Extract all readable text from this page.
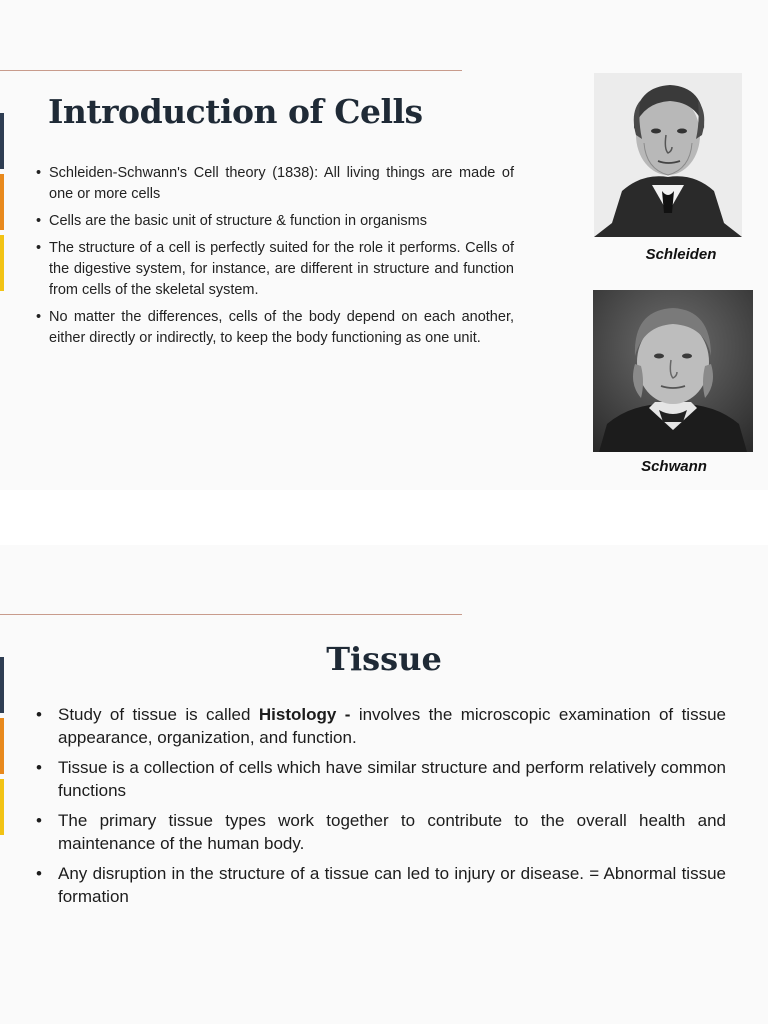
Introduction of Cells
• Schleiden-Schwann's Cell theory (1838): All living things are made of one or more cells
• Cells are the basic unit of structure & function in organisms
• The structure of a cell is perfectly suited for the role it performs. Cells of the digestive system, for instance, are different in structure and function from cells of the skeletal system.
• No matter the differences, cells of the body depend on each another, either directly or indirectly, to keep the body functioning as one unit.
Schleiden
Schwann
Tissue
• Study of tissue is called Histology - involves the microscopic examination of tissue appearance, organization, and function.
• Tissue is a collection of cells which have similar structure and perform relatively common functions
• The primary tissue types work together to contribute to the overall health and maintenance of the human body.
• Any disruption in the structure of a tissue can led to injury or disease. = Abnormal tissue formation
